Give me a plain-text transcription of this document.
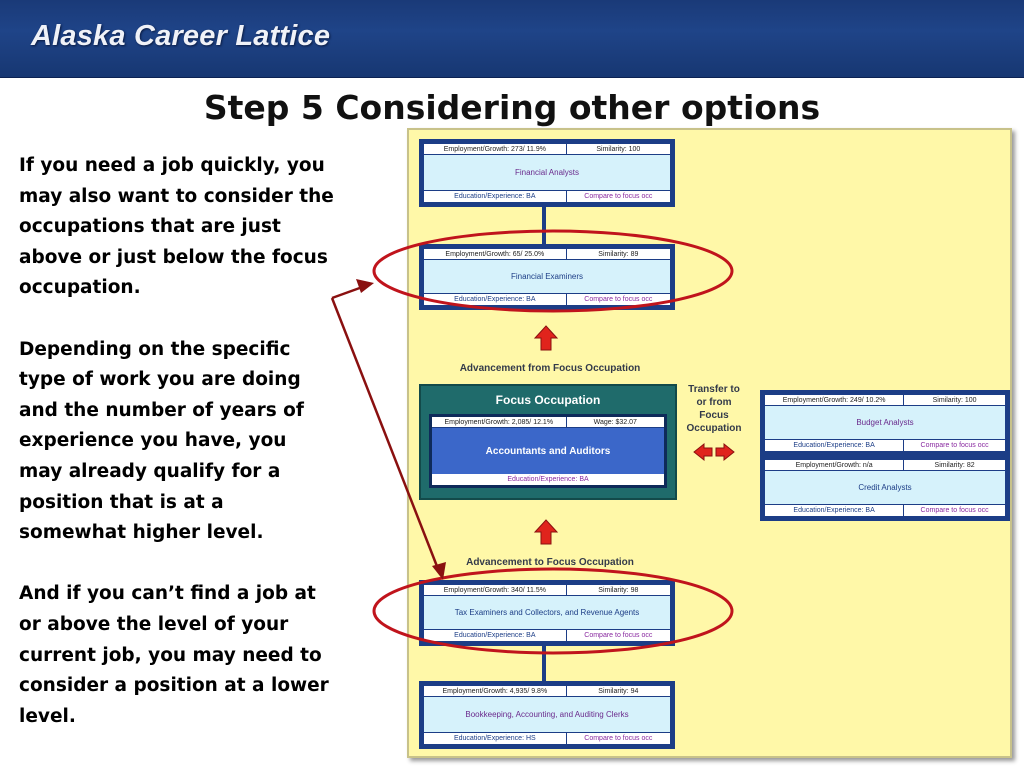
Alaska Career Lattice
Step 5 Considering other options

If you need a job quickly, you may also want to consider the occupations that are just above or just below the focus occupation.

Depending on the specific type of work you are doing and the number of years of experience you have, you may already qualify for a position that is at a somewhat higher level.

And if you can’t find a job at or above the level of your current job, you may need to consider a position at a lower level.

Employment/Growth: 273/ 11.9%	Similarity: 100
Financial Analysts
Education/Experience: BA	Compare to focus occ
Employment/Growth: 65/ 25.0%	Similarity: 89
Financial Examiners
Education/Experience: BA	Compare to focus occ
Advancement from Focus Occupation
Focus Occupation
Employment/Growth: 2,085/ 12.1%	Wage: $32.07
Accountants and Auditors
Education/Experience: BA
Transfer to or from Focus Occupation
Employment/Growth: 249/ 10.2%	Similarity: 100
Budget Analysts
Education/Experience: BA	Compare to focus occ
Employment/Growth: n/a	Similarity: 82
Credit Analysts
Education/Experience: BA	Compare to focus occ
Advancement to Focus Occupation
Employment/Growth: 340/ 11.5%	Similarity: 98
Tax Examiners and Collectors, and Revenue Agents
Education/Experience: BA	Compare to focus occ
Employment/Growth: 4,935/ 9.8%	Similarity: 94
Bookkeeping, Accounting, and Auditing Clerks
Education/Experience: HS	Compare to focus occ
